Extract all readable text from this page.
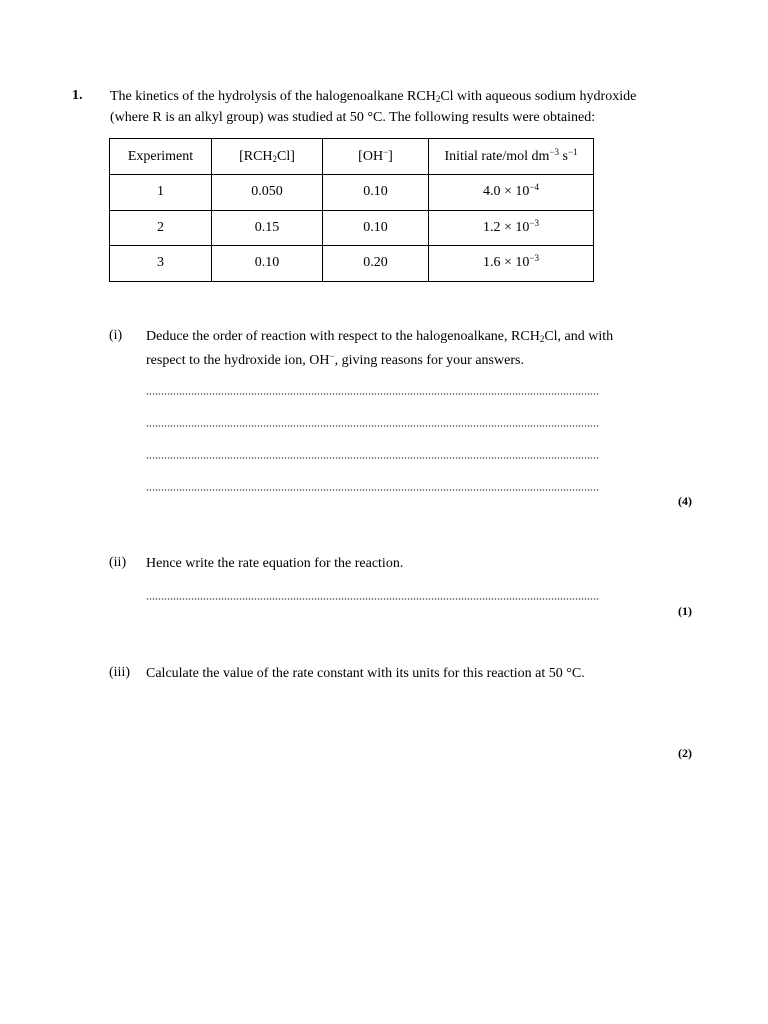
1. The kinetics of the hydrolysis of the halogenoalkane $RCH_2Cl$ with aqueous sodium hydroxide
(where R is an alkyl group) was studied at 50 °C. The following results were obtained:
Experiment	$[RCH_2Cl]$	[OH−]	Initial rate/mol $dm^{-3}$ $s^{-1}$
1	0.050	0.10	$4.0 \times 10^{-4}$
2	0.15	0.10	$1.2 \times 10^{-3}$
3	0.10	0.20	$1.6 \times 10^{-3}$
(i) Deduce the order of reaction with respect to the halogenoalkane, $RCH_2Cl$, and with
respect to the hydroxide ion, OH−, giving reasons for your answers.
(4)
(ii) Hence write the rate equation for the reaction.
(1)
(iii) Calculate the value of the rate constant with its units for this reaction at 50 °C.
(2)
